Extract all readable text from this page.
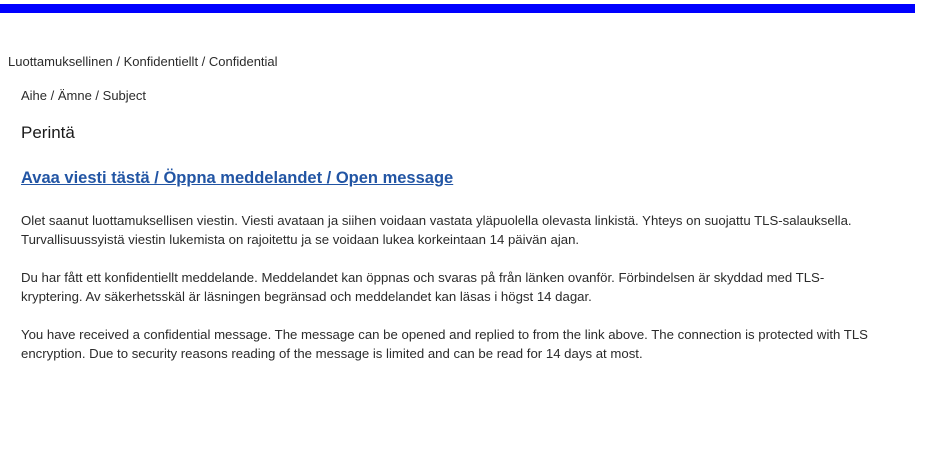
Luottamuksellinen / Konfidentiellt / Confidential
Aihe / Ämne / Subject
Perintä
Avaa viesti tästä / Öppna meddelandet / Open message

Olet saanut luottamuksellisen viestin. Viesti avataan ja siihen voidaan vastata yläpuolella olevasta linkistä. Yhteys on suojattu TLS-salauksella. Turvallisuussyistä viestin lukemista on rajoitettu ja se voidaan lukea korkeintaan 14 päivän ajan.

Du har fått ett konfidentiellt meddelande. Meddelandet kan öppnas och svaras på från länken ovanför. Förbindelsen är skyddad med TLS-kryptering. Av säkerhetsskäl är läsningen begränsad och meddelandet kan läsas i högst 14 dagar.

You have received a confidential message. The message can be opened and replied to from the link above. The connection is protected with TLS encryption. Due to security reasons reading of the message is limited and can be read for 14 days at most.
